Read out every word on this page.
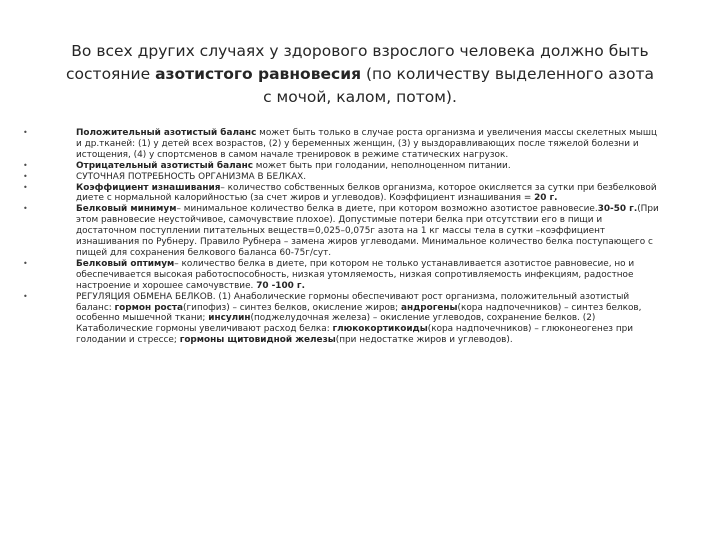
Во всех других случаях у здорового взрослого человека должно быть состояние азотистого равновесия (по количеству выделенного азота с мочой, калом, потом).
•	Положительный азотистый баланс может быть только в случае роста организма и увеличения массы скелетных мышц и др.тканей: (1) у детей всех возрастов, (2) у беременных женщин, (3) у выздоравливающих после тяжелой болезни и истощения, (4) у спортсменов в самом начале тренировок в режиме статических нагрузок.
•	Отрицательный азотистый баланс может быть при голодании, неполноценном питании.
•	СУТОЧНАЯ ПОТРЕБНОСТЬ ОРГАНИЗМА В БЕЛКАХ.
•	Коэффициент изнашивания– количество собственных белков организма, которое окисляется за сутки при безбелковой диете с нормальной калорийностью (за счет жиров и углеводов). Коэффициент изнашивания = 20 г.
•	Белковый минимум– минимальное количество белка в диете, при котором возможно азотистое равновесие.30-50 г.(При этом равновесие неустойчивое, самочувствие плохое). Допустимые потери белка при отсутствии его в пищи и достаточном поступлении питательных веществ=0,025–0,075г азота на 1 кг массы тела в сутки –коэффициент изнашивания по Рубнеру. Правило Рубнера – замена жиров углеводами. Минимальное количество белка поступающего с пищей для сохранения белкового баланса 60-75г/сут.
•	Белковый оптимум– количество белка в диете, при котором не только устанавливается азотистое равновесие, но и обеспечивается высокая работоспособность, низкая утомляемость, низкая сопротивляемость инфекциям, радостное настроение и хорошее самочувствие. 70 -100 г.
•	РЕГУЛЯЦИЯ ОБМЕНА БЕЛКОВ. (1) Анаболические гормоны обеспечивают рост организма, положительный азотистый баланс: гормон роста(гипофиз) – синтез белков, окисление жиров; андрогены(кора надпочечников) – синтез белков, особенно мышечной ткани; инсулин(поджелудочная железа) – окисление углеводов, сохранение белков. (2) Катаболические гормоны увеличивают расход белка: глюкокортикоиды(кора надпочечников) – глюконеогенез при голодании и стрессе; гормоны щитовидной железы(при недостатке жиров и углеводов).
